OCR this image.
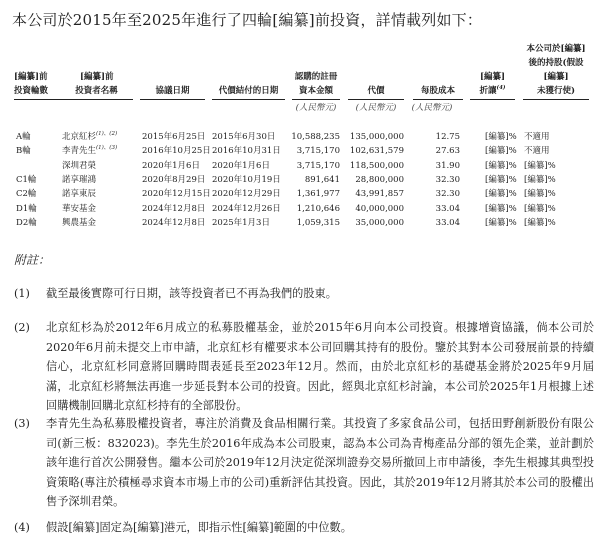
本公司於2015年至2025年進行了四輪[編纂]前投資，詳情載列如下：
[編纂]前
投資輪數
[編纂]前
投資者名稱	協議日期	代價結付的日期
認購的註冊
資本金額	代價	每股成本
[編纂]
折讓$^{(4)}$
本公司於[編纂]
後的持股(假設
[編纂]
未獲行使)
(人民幣元)	(人民幣元)	(人民幣元)
A輪	北京紅杉$^{(1)、(2)}$	2015年6月25日 2015年6月30日 10,588,235 135,000,000	12.75	[編纂]% 不適用
B輪	李青先生$^{(1)、(3)}$	2016年10月25日 2016年10月31日 3,715,170 102,631,579	27.63	[編纂]% 不適用
深圳君榮	2020年1月6日 2020年1月6日	3,715,170 118,500,000	31.90	[編纂]% [編纂]%
C1輪	諾享璀鴻	2020年8月29日 2020年10月19日	891,641 28,800,000	32.30	[編纂]% [編纂]%
C2輪	諾享東辰	2020年12月15日 2020年12月29日 1,361,977 43,991,857	32.30	[編纂]% [編纂]%
D1輪	華安基金	2024年12月8日 2024年12月26日 1,210,646 40,000,000	33.04	[編纂]% [編纂]%
D2輪	興農基金	2024年12月8日 2025年1月3日	1,059,315 35,000,000	33.04	[編纂]% [編纂]%
附註：
(1) 截至最後實際可行日期，該等投資者已不再為我們的股東。
(2) 北京紅杉為於2012年6月成立的私募股權基金，並於2015年6月向本公司投資。根據增資協議，倘本公司於2020年6月前未提交上市申請，北京紅杉有權要求本公司回購其持有的股份。鑒於其對本公司發展前景的持續信心，北京紅杉同意將回購時間表延長至2023年12月。然而，由於北京紅杉的基礎基金將於2025年9月屆滿，北京紅杉將無法再進一步延長對本公司的投資。因此，經與北京紅杉討論，本公司於2025年1月根據上述回購機制回購北京紅杉持有的全部股份。
(3) 李青先生為私募股權投資者，專注於消費及食品相關行業。其投資了多家食品公司，包括田野創新股份有限公司(新三板：832023)。李先生於2016年成為本公司股東，認為本公司為青梅產品分部的領先企業，並計劃於該年進行首次公開發售。繼本公司於2019年12月決定從深圳證券交易所撤回上市申請後，李先生根據其典型投資策略(專注於積極尋求資本市場上市的公司)重新評估其投資。因此，其於2019年12月將其於本公司的股權出售予深圳君榮。
(4) 假設[編纂]固定為[編纂]港元，即指示性[編纂]範圍的中位數。
